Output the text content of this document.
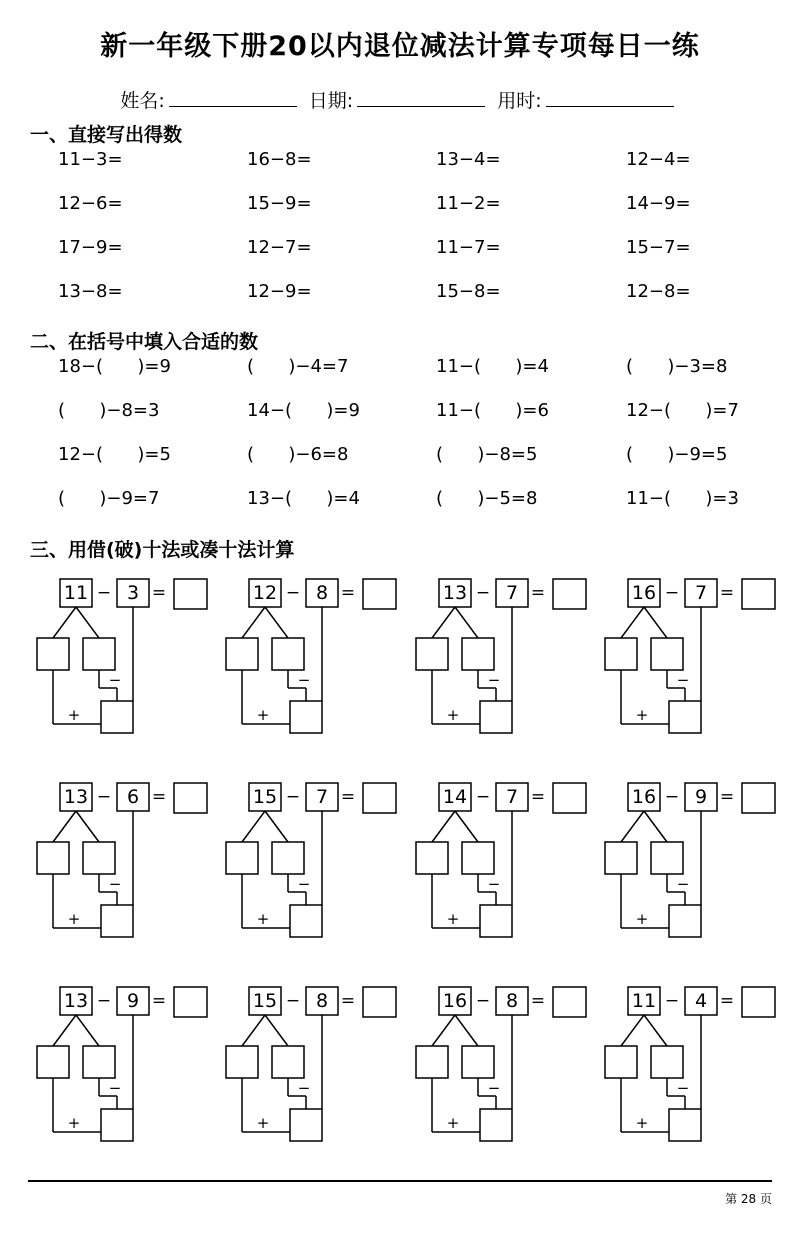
新一年级下册20以内退位减法计算专项每日一练
姓名:	日期:	用时:
一、直接写出得数
11−3=	16−8=	13−4=	12−4=
12−6=	15−9=	11−2=	14−9=
17−9=	12−7=	11−7=	15−7=
13−8=	12−9=	15−8=	12−8=
二、在括号中填入合适的数
18−(      )=9	(      )−4=7	11−(      )=4	(      )−3=8
(      )−8=3	14−(      )=9	11−(      )=6	12−(      )=7
12−(      )=5	(      )−6=8	(      )−8=5	(      )−9=5
(      )−9=7	13−(      )=4	(      )−5=8	11−(      )=3
三、用借(破)十法或凑十法计算
11 − 3 =
−
+
12 − 8 =
−
+
13 − 7 =
−
+
16 − 7 =
−
+
13 − 6 =
−
+
15 − 7 =
−
+
14 − 7 =
−
+
16 − 9 =
−
+
13 − 9 =
−
+
15 − 8 =
−
+
16 − 8 =
−
+
11 − 4 =
−
+
第 28 页
